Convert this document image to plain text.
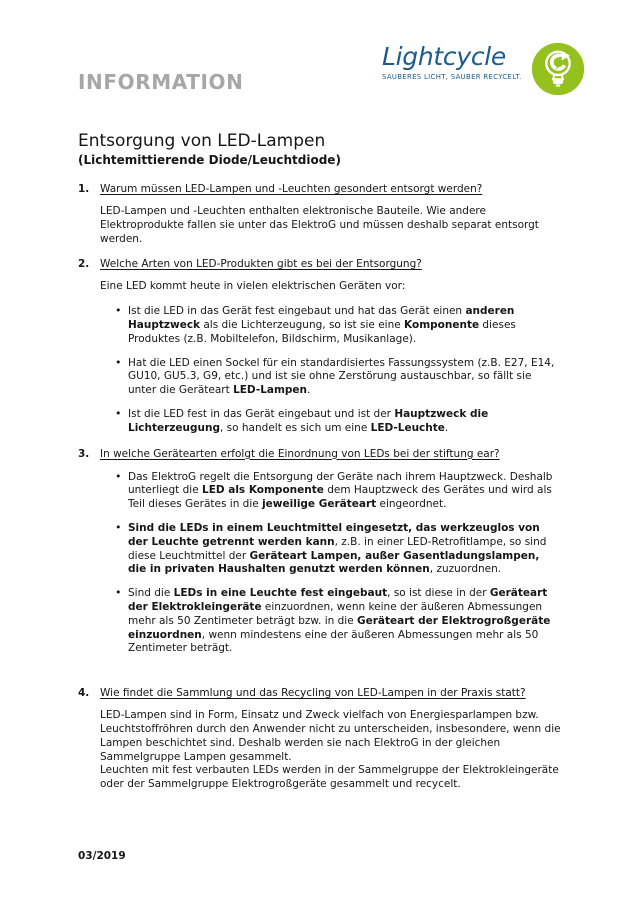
INFORMATION
Lightcycle
SAUBERES LICHT, SAUBER RECYCELT.
Entsorgung von LED-Lampen
(Lichtemittierende Diode/Leuchtdiode)
1.	Warum müssen LED-Lampen und -Leuchten gesondert entsorgt werden?

LED-Lampen und -Leuchten enthalten elektronische Bauteile. Wie andere Elektroprodukte fallen sie unter das ElektroG und müssen deshalb separat entsorgt werden.

2.	Welche Arten von LED-Produkten gibt es bei der Entsorgung?

Eine LED kommt heute in vielen elektrischen Geräten vor:

• Ist die LED in das Gerät fest eingebaut und hat das Gerät einen anderen Hauptzweck als die Lichterzeugung, so ist sie eine Komponente dieses Produktes (z.B. Mobiltelefon, Bildschirm, Musikanlage).
• Hat die LED einen Sockel für ein standardisiertes Fassungssystem (z.B. E27, E14, GU10, GU5.3, G9, etc.) und ist sie ohne Zerstörung austauschbar, so fällt sie unter die Geräteart LED-Lampen.
• Ist die LED fest in das Gerät eingebaut und ist der Hauptzweck die Lichterzeugung, so handelt es sich um eine LED-Leuchte.
3.	In welche Gerätearten erfolgt die Einordnung von LEDs bei der stiftung ear?
• Das ElektroG regelt die Entsorgung der Geräte nach ihrem Hauptzweck. Deshalb unterliegt die LED als Komponente dem Hauptzweck des Gerätes und wird als Teil dieses Gerätes in die jeweilige Geräteart eingeordnet.
• Sind die LEDs in einem Leuchtmittel eingesetzt, das werkzeuglos von der Leuchte getrennt werden kann, z.B. in einer LED-Retrofitlampe, so sind diese Leuchtmittel der Geräteart Lampen, außer Gasentladungslampen, die in privaten Haushalten genutzt werden können, zuzuordnen.
• Sind die LEDs in eine Leuchte fest eingebaut, so ist diese in der Geräteart der Elektrokleingeräte einzuordnen, wenn keine der äußeren Abmessungen mehr als 50 Zentimeter beträgt bzw. in die Geräteart der Elektrogroßgeräte einzuordnen, wenn mindestens eine der äußeren Abmessungen mehr als 50 Zentimeter beträgt.
4.	Wie findet die Sammlung und das Recycling von LED-Lampen in der Praxis statt?

LED-Lampen sind in Form, Einsatz und Zweck vielfach von Energiesparlampen bzw. Leuchtstoffröhren durch den Anwender nicht zu unterscheiden, insbesondere, wenn die Lampen beschichtet sind. Deshalb werden sie nach ElektroG in der gleichen Sammelgruppe Lampen gesammelt.

Leuchten mit fest verbauten LEDs werden in der Sammelgruppe der Elektrokleingeräte oder der Sammelgruppe Elektrogroßgeräte gesammelt und recycelt.

03/2019
